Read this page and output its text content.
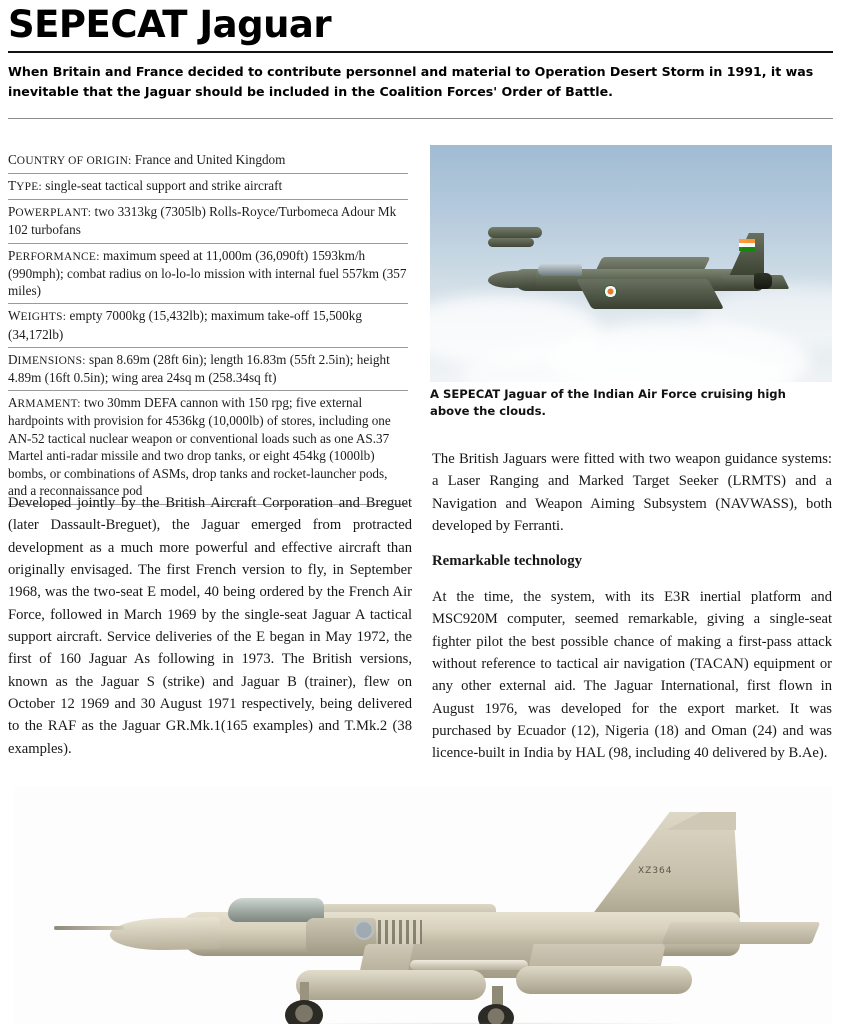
SEPECAT Jaguar
When Britain and France decided to contribute personnel and material to Operation Desert Storm in 1991, it was inevitable that the Jaguar should be included in the Coalition Forces' Order of Battle.
COUNTRY OF ORIGIN: France and United Kingdom
TYPE: single-seat tactical support and strike aircraft
POWERPLANT: two 3313kg (7305lb) Rolls-Royce/Turbomeca Adour Mk 102 turbofans
PERFORMANCE: maximum speed at 11,000m (36,090ft) 1593km/h (990mph); combat radius on lo-lo-lo mission with internal fuel 557km (357 miles)
WEIGHTS: empty 7000kg (15,432lb); maximum take-off 15,500kg (34,172lb)
DIMENSIONS: span 8.69m (28ft 6in); length 16.83m (55ft 2.5in); height 4.89m (16ft 0.5in); wing area 24sq m (258.34sq ft)
ARMAMENT: two 30mm DEFA cannon with 150 rpg; five external hardpoints with provision for 4536kg (10,000lb) of stores, including one AN-52 tactical nuclear weapon or conventional loads such as one AS.37 Martel anti-radar missile and two drop tanks, or eight 454kg (1000lb) bombs, or combinations of ASMs, drop tanks and rocket-launcher pods, and a reconnaissance pod
A SEPECAT Jaguar of the Indian Air Force cruising high above the clouds.

The British Jaguars were fitted with two weapon guidance systems: a Laser Ranging and Marked Target Seeker (LRMTS) and a Navigation and Weapon Aiming Subsystem (NAVWASS), both developed by Ferranti.

Remarkable technology

At the time, the system, with its E3R inertial platform and MSC920M computer, seemed remarkable, giving a single-seat fighter pilot the best possible chance of making a first-pass attack without reference to tactical air navigation (TACAN) equipment or any other external aid. The Jaguar International, first flown in August 1976, was developed for the export market. It was purchased by Ecuador (12), Nigeria (18) and Oman (24) and was licence-built in India by HAL (98, including 40 delivered by B.Ae).

Developed jointly by the British Aircraft Corporation and Breguet (later Dassault-Breguet), the Jaguar emerged from protracted development as a much more powerful and effective aircraft than originally envisaged. The first French version to fly, in September 1968, was the two-seat E model, 40 being ordered by the French Air Force, followed in March 1969 by the single-seat Jaguar A tactical support aircraft. Service deliveries of the E began in May 1972, the first of 160 Jaguar As following in 1973. The British versions, known as the Jaguar S (strike) and Jaguar B (trainer), flew on October 12 1969 and 30 August 1971 respectively, being delivered to the RAF as the Jaguar GR.Mk.1(165 examples) and T.Mk.2 (38 examples).

XZ364
